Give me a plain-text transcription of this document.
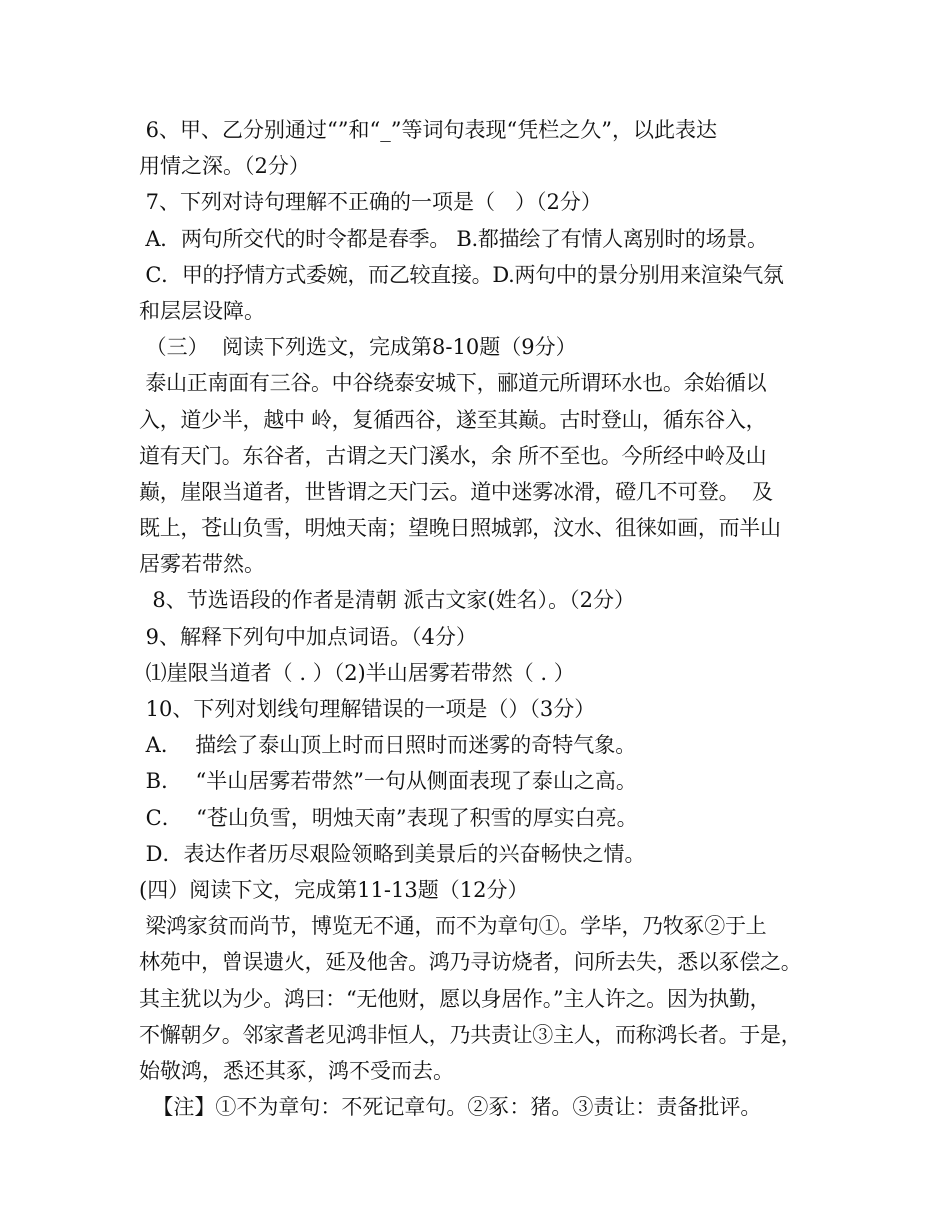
6、甲、乙分别通过“”和“_”等词句表现“凭栏之久”，以此表达
用情之深。（2分）
7、下列对诗句理解不正确的一项是（   ）（2分）
A．两句所交代的时令都是春季。 B.都描绘了有情人离别时的场景。
C．甲的抒情方式委婉，而乙较直接。D.两句中的景分别用来渲染气氛
和层层设障。
（三）  阅读下列选文，完成第8-10题（9分）
泰山正南面有三谷。中谷绕泰安城下，郦道元所谓环水也。余始循以
入，道少半，越中 岭，复循西谷，遂至其巅。古时登山，循东谷入，
道有天门。东谷者，古谓之天门溪水，余 所不至也。今所经中岭及山
巅，崖限当道者，世皆谓之天门云。道中迷雾冰滑，磴几不可登。  及
既上，苍山负雪，明烛天南；望晚日照城郭，汶水、徂徕如画，而半山
居雾若带然。
8、节选语段的作者是清朝 派古文家(姓名）。（2分）
9、解释下列句中加点词语。（4分）
⑴崖限当道者（ . ）（2)半山居雾若带然（ . ）
10、下列对划线句理解错误的一项是（）（3分）
A．  描绘了泰山顶上时而日照时而迷雾的奇特气象。
B．  “半山居雾若带然”一句从侧面表现了泰山之高。
C．  “苍山负雪，明烛天南”表现了积雪的厚实白亮。
D．表达作者历尽艰险领略到美景后的兴奋畅快之情。
(四）阅读下文，完成第11-13题（12分）
梁鸿家贫而尚节，博览无不通，而不为章句①。学毕，乃牧豖②于上
林苑中，曾误遗火，延及他舍。鸿乃寻访烧者，问所去失，悉以豖偿之。
其主犹以为少。鸿曰：“无他财，愿以身居作。”主人许之。因为执勤，
不懈朝夕。邻家耆老见鸿非恒人，乃共责让③主人，而称鸿长者。于是，
始敬鸿，悉还其豖，鸿不受而去。
【注】①不为章句：不死记章句。②豖：猪。③责让：责备批评。
